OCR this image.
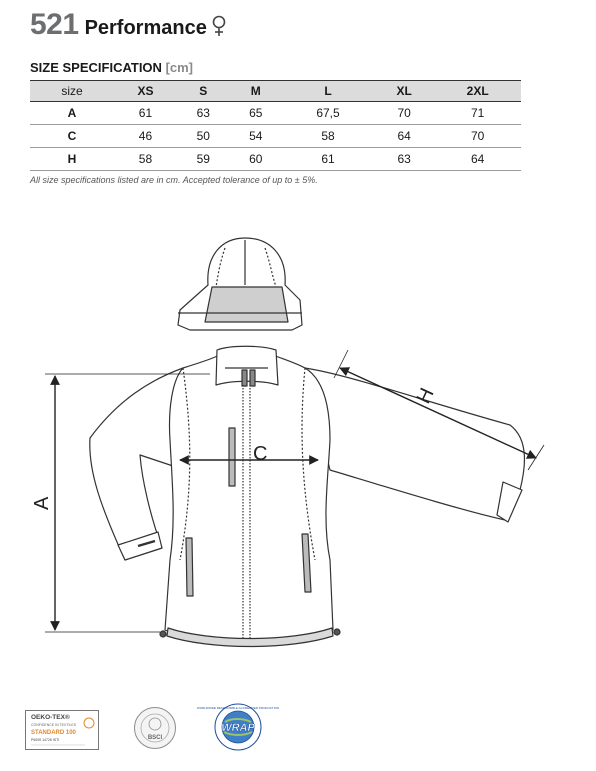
521 Performance
SIZE SPECIFICATION [cm]
size	XS	S	M	L	XL	2XL
A	61	63	65	67,5	70	71
C	46	50	54	58	64	70
H	58	59	60	61	63	64
All size specifications listed are in cm. Accepted tolerance of up to ± 5%.
A
C
H
OEKO-TEX®
CONFIDENCE IN TEXTILES
STANDARD 100
P6005 14726 ISTI	BSCI
WRAP
WORLDWIDE RESPONSIBLE ACCREDITED PRODUCTION
